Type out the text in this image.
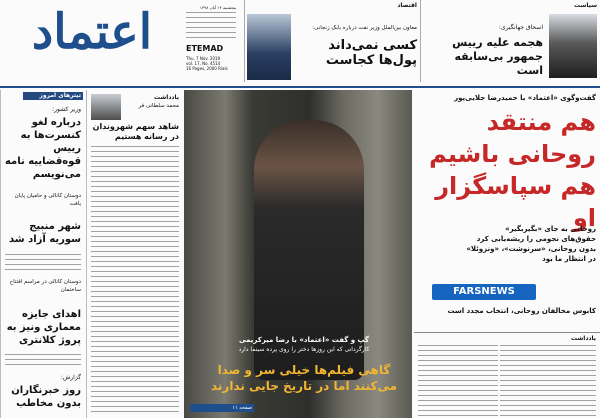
اعتماد	ETEMAD
پنجشنبه ۱۴ آبان ۱۳۹۸
Thu. 7 Nov. 2019
vol. 17, No. 4514
16 Pages, 2000 Rials
اقتصاد
معاون بین‌الملل وزیر نفت درباره بابک زنجانی:
کسی نمی‌داند پول‌ها کجاست
سیاست
اسحاق جهانگیری:
هجمه علیه رییس جمهور بی‌سابقه است
تیترهای امروز
وزیر کشور:
درباره لغو کنسرت‌ها به رییس قوه‌قضاییه نامه می‌نویسم
دوستان کانالی و حامیان پایان یافت
شهر منبیج سوریه آزاد شد
دوستان کانالی در مراسم افتتاح ساختمان
اهدای جایزه معماری ونیز به پروژ کلانتری
گزارش:
روز خبرنگاران بدون مخاطب
یادداشت
محمد سلطانی فر
شاهد سهم شهروندان در رسانه هستیم
گپ و گفت «اعتماد» با رضا میرکریمی
کارگردانی که این روزها دختر را روی پرده سینما دارد
گاهی فیلم‌ها خیلی سر و صدا می‌کنند اما در تاریخ جایی ندارند
صفحه ۱۱
گفت‌وگوی «اعتماد» با حمیدرضا جلایی‌پور
هم منتقد روحانی باشیم هم سپاسگزار او
روحانی به جای «بگیربگیر»
حقوق‌های نجومی را ریشه‌یابی کرد
بدون روحانی، «سرنوشت»، «ونزوئلا»
در انتظار ما بود
FARSNEWS
کابوس مخالفان روحانی، انتخاب مجدد است
یادداشت
